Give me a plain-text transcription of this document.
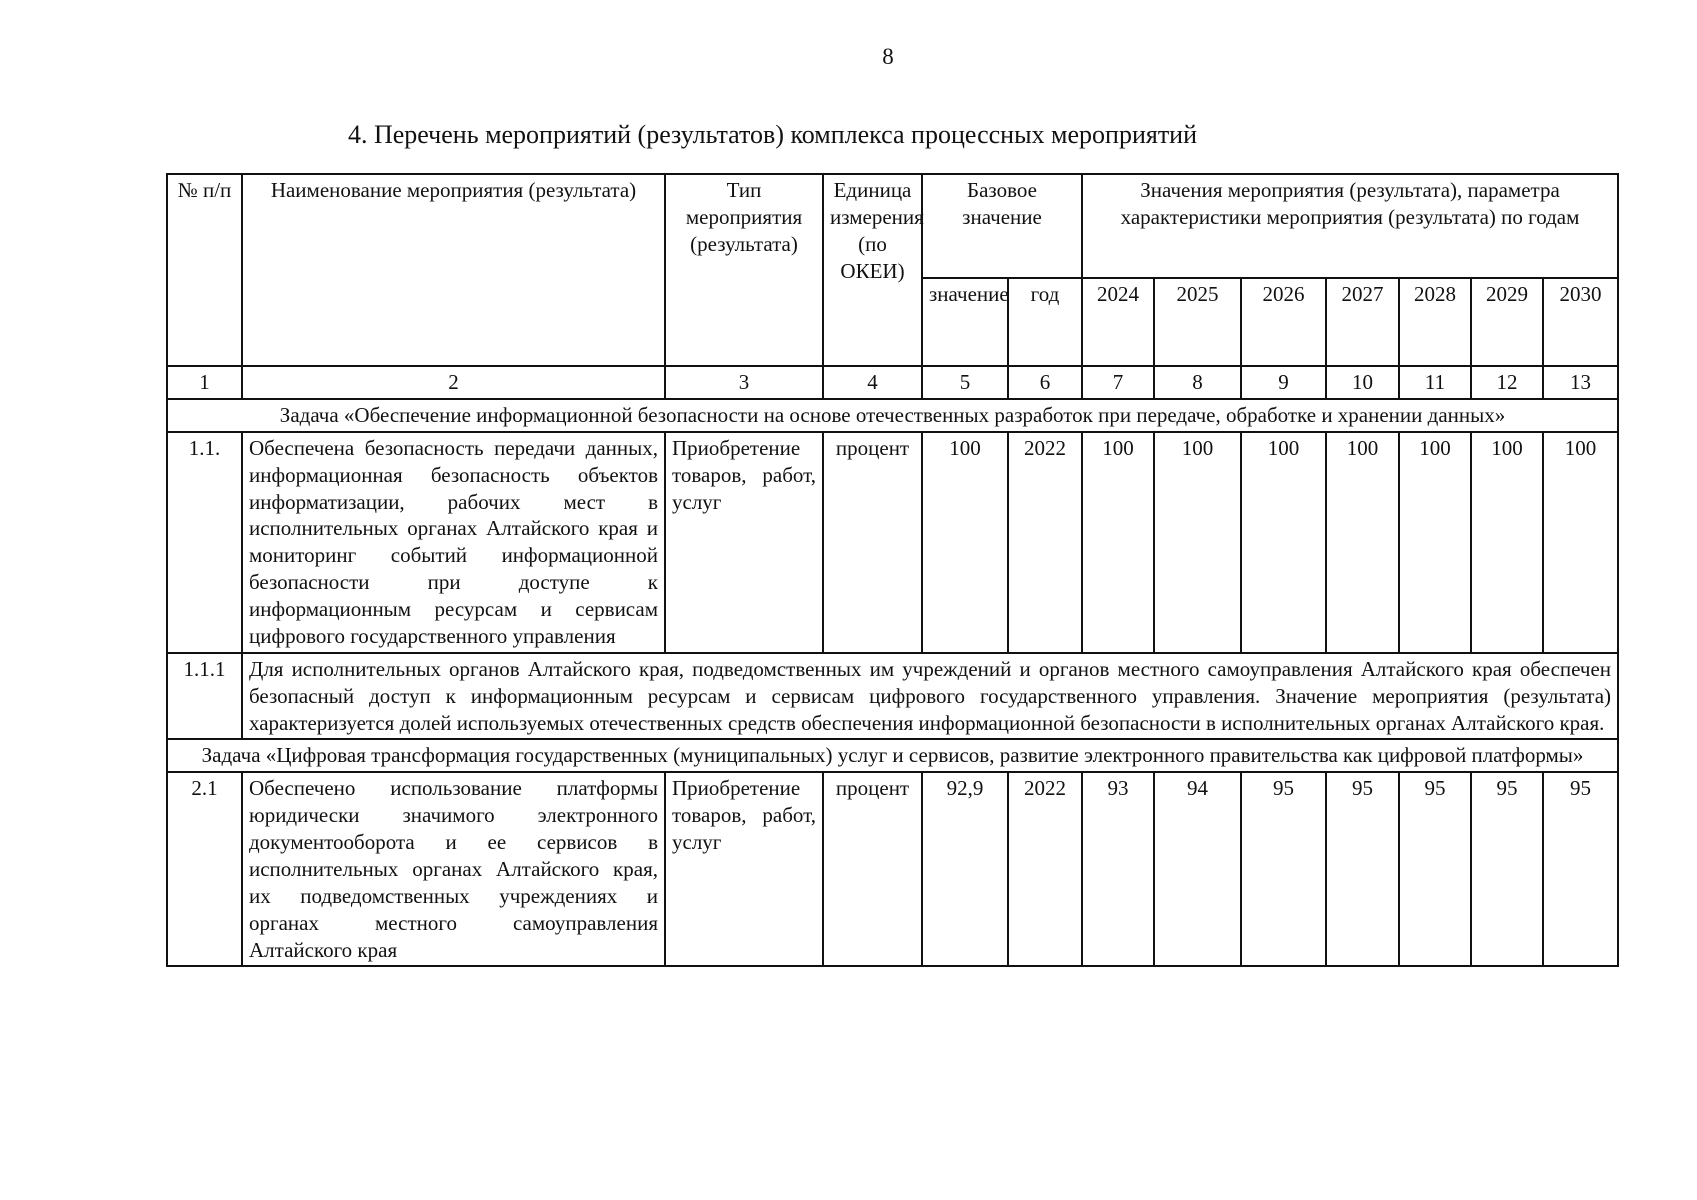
8
4. Перечень мероприятий (результатов) комплекса процессных мероприятий
№ п/п	Наименование мероприятия (результата)	Тип мероприятия (результата)	Единица измерения (по ОКЕИ)	Базовое значение		Значения мероприятия (результата), параметра характеристики мероприятия (результата) по годам						
				значение	год	2024	2025	2026	2027	2028	2029	2030
1	2	3	4	5	6	7	8	9	10	11	12	13
Задача «Обеспечение информационной безопасности на основе отечественных разработок при передаче, обработке и хранении данных»												
1.1.	Обеспечена безопасность передачи данных, информационная безопасность объектов информатизации, рабочих мест в исполнительных органах Алтайского края и мониторинг событий информационной безопасности при доступе к информационным ресурсам и сервисам цифрового государственного управления	Приобретение товаров, работ, услуг	процент	100	2022	100	100	100	100	100	100	100
1.1.1	Для исполнительных органов Алтайского края, подведомственных им учреждений и органов местного самоуправления Алтайского края обеспечен безопасный доступ к информационным ресурсам и сервисам цифрового государственного управления. Значение мероприятия (результата) характеризуется долей используемых отечественных средств обеспечения информационной безопасности в исполнительных органах Алтайского края.											
Задача «Цифровая трансформация государственных (муниципальных) услуг и сервисов, развитие электронного правительства как цифровой платформы»												
2.1	Обеспечено использование платформы юридически значимого электронного документооборота и ее сервисов в исполнительных органах Алтайского края, их подведомственных учреждениях и органах местного самоуправления Алтайского края	Приобретение товаров, работ, услуг	процент	92,9	2022	93	94	95	95	95	95	95
